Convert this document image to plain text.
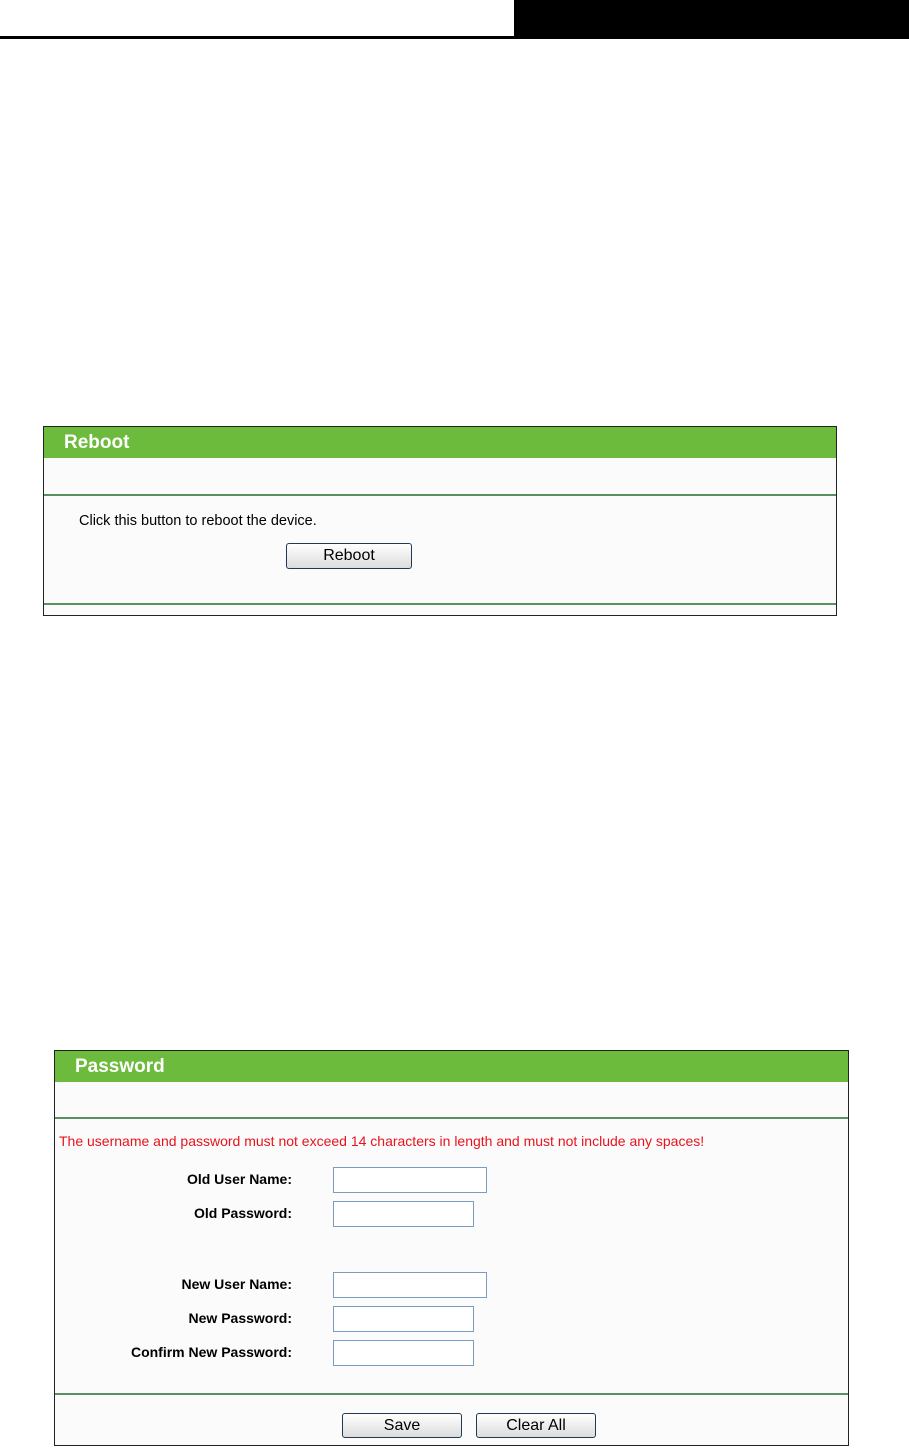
Reboot
Click this button to reboot the device.
Reboot
Password
The username and password must not exceed 14 characters in length and must not include any spaces!
Old User Name:
Old Password:
New User Name:
New Password:
Confirm New Password:
Save	Clear All
